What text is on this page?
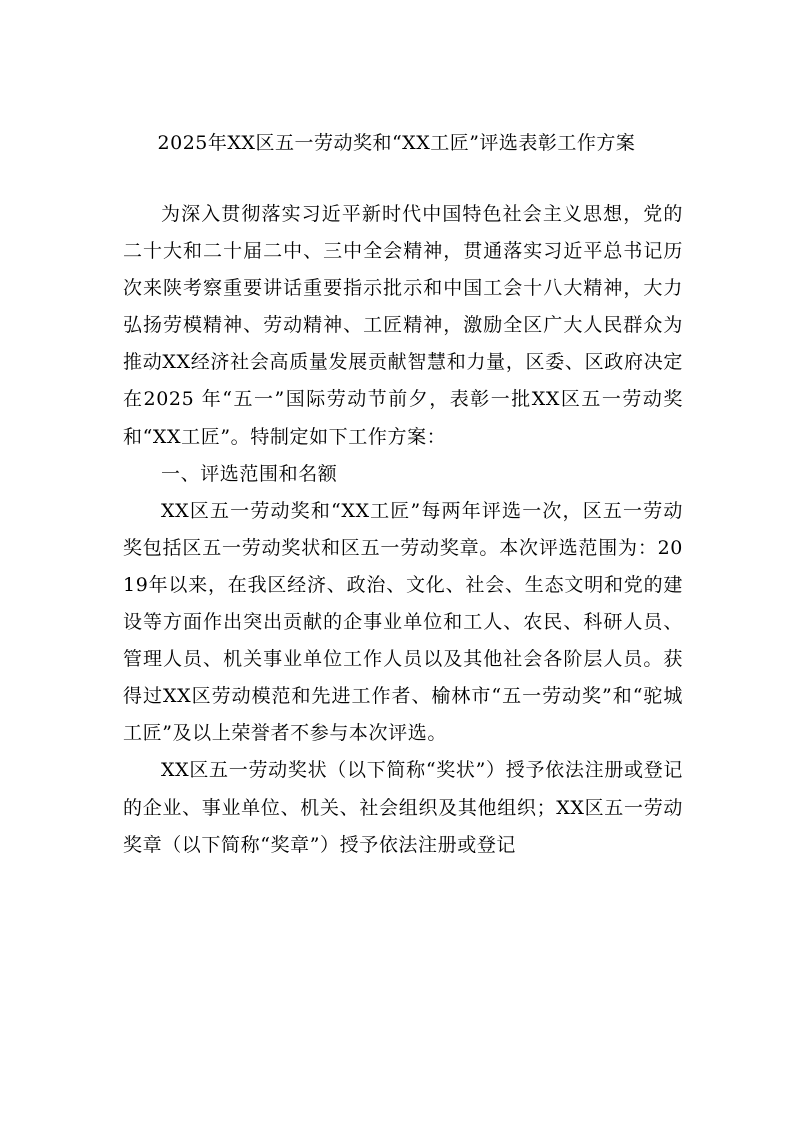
2025年XX区五一劳动奖和“XX工匠”评选表彰工作方案

为深入贯彻落实习近平新时代中国特色社会主义思想，党的二十大和二十届二中、三中全会精神，贯通落实习近平总书记历次来陕考察重要讲话重要指示批示和中国工会十八大精神，大力弘扬劳模精神、劳动精神、工匠精神，激励全区广大人民群众为推动XX经济社会高质量发展贡献智慧和力量，区委、区政府决定在2025 年“五一”国际劳动节前夕，表彰一批XX区五一劳动奖和“XX工匠”。特制定如下工作方案：

一、评选范围和名额

XX区五一劳动奖和“XX工匠”每两年评选一次，区五一劳动奖包括区五一劳动奖状和区五一劳动奖章。本次评选范围为：2019年以来，在我区经济、政治、文化、社会、生态文明和党的建设等方面作出突出贡献的企事业单位和工人、农民、科研人员、管理人员、机关事业单位工作人员以及其他社会各阶层人员。获得过XX区劳动模范和先进工作者、榆林市“五一劳动奖”和“驼城工匠”及以上荣誉者不参与本次评选。

XX区五一劳动奖状（以下简称“奖状”）授予依法注册或登记的企业、事业单位、机关、社会组织及其他组织；XX区五一劳动奖章（以下简称“奖章”）授予依法注册或登记
